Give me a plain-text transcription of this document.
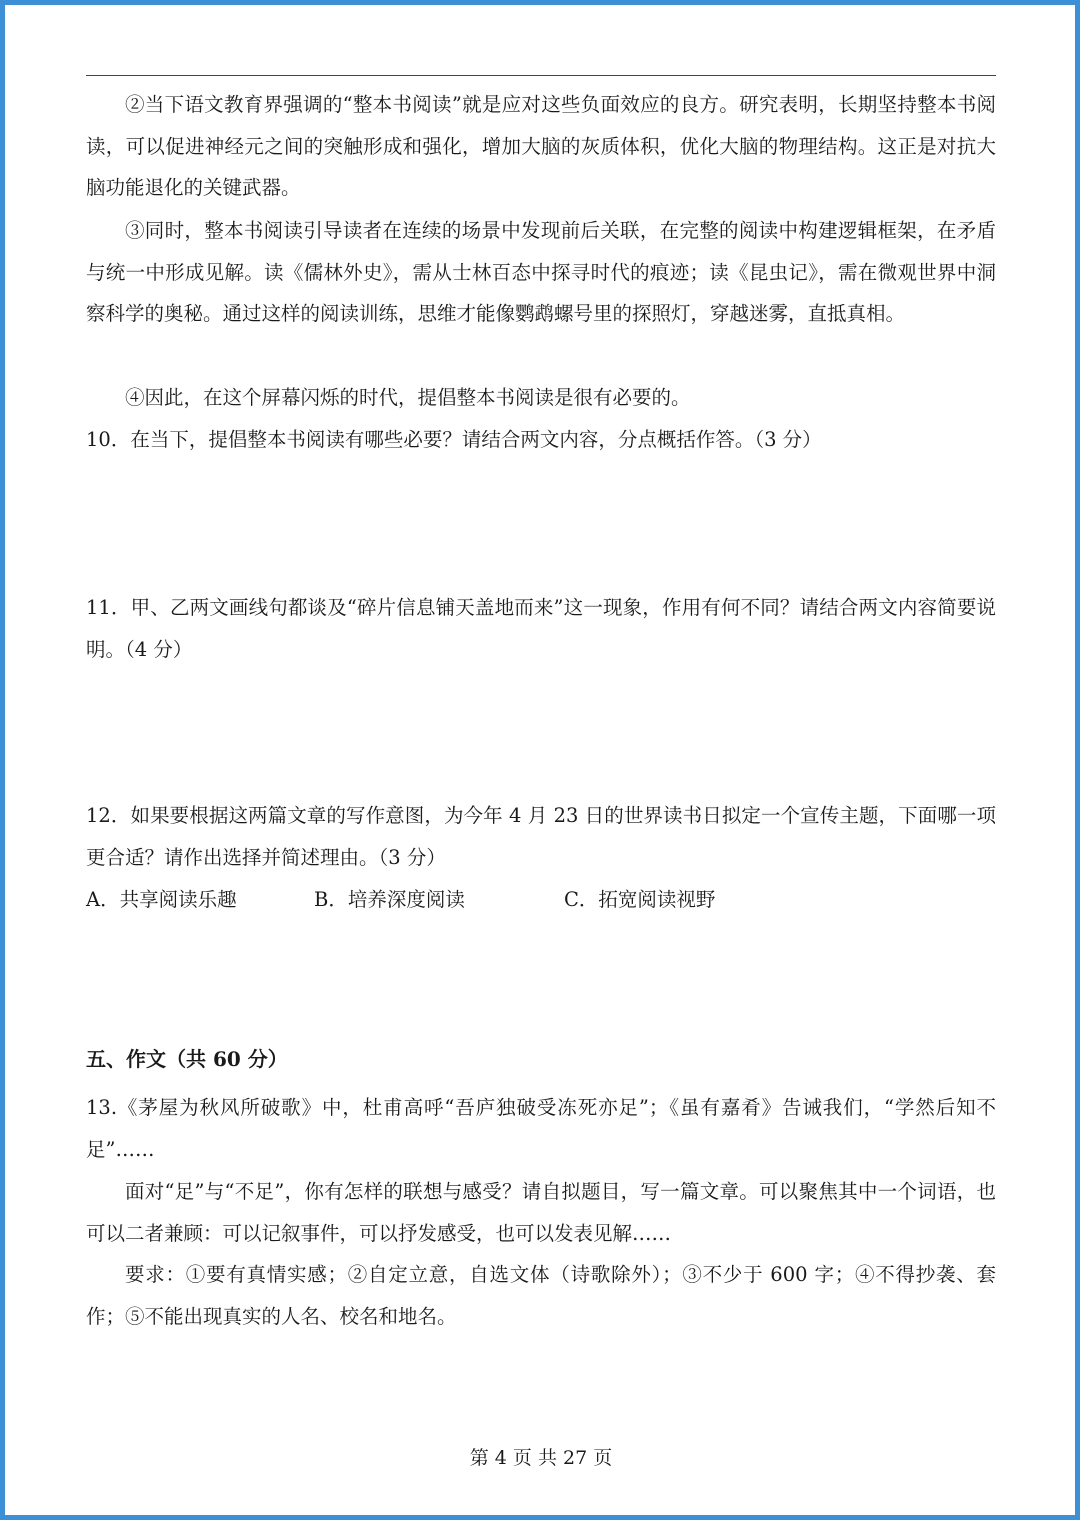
②当下语文教育界强调的“整本书阅读”就是应对这些负面效应的良方。研究表明，长期坚持整本书阅读，可以促进神经元之间的突触形成和强化，增加大脑的灰质体积，优化大脑的物理结构。这正是对抗大脑功能退化的关键武器。

③同时，整本书阅读引导读者在连续的场景中发现前后关联，在完整的阅读中构建逻辑框架，在矛盾与统一中形成见解。读《儒林外史》，需从士林百态中探寻时代的痕迹；读《昆虫记》，需在微观世界中洞察科学的奥秘。通过这样的阅读训练，思维才能像鹦鹉螺号里的探照灯，穿越迷雾，直抵真相。

④因此，在这个屏幕闪烁的时代，提倡整本书阅读是很有必要的。

10．在当下，提倡整本书阅读有哪些必要？请结合两文内容，分点概括作答。（3 分）

11．甲、乙两文画线句都谈及“碎片信息铺天盖地而来”这一现象，作用有何不同？请结合两文内容简要说明。（4 分）

12．如果要根据这两篇文章的写作意图，为今年 4 月 23 日的世界读书日拟定一个宣传主题，下面哪一项更合适？请作出选择并简述理由。（3 分）

A．共享阅读乐趣	B．培养深度阅读	C．拓宽阅读视野

五、作文（共 60 分）

13.《茅屋为秋风所破歌》中，杜甫高呼“吾庐独破受冻死亦足”；《虽有嘉肴》告诫我们，“学然后知不足”……

面对“足”与“不足”，你有怎样的联想与感受？请自拟题目，写一篇文章。可以聚焦其中一个词语，也可以二者兼顾：可以记叙事件，可以抒发感受，也可以发表见解……

要求：①要有真情实感；②自定立意，自选文体（诗歌除外）；③不少于 600 字；④不得抄袭、套作；⑤不能出现真实的人名、校名和地名。

第 4 页 共 27 页
